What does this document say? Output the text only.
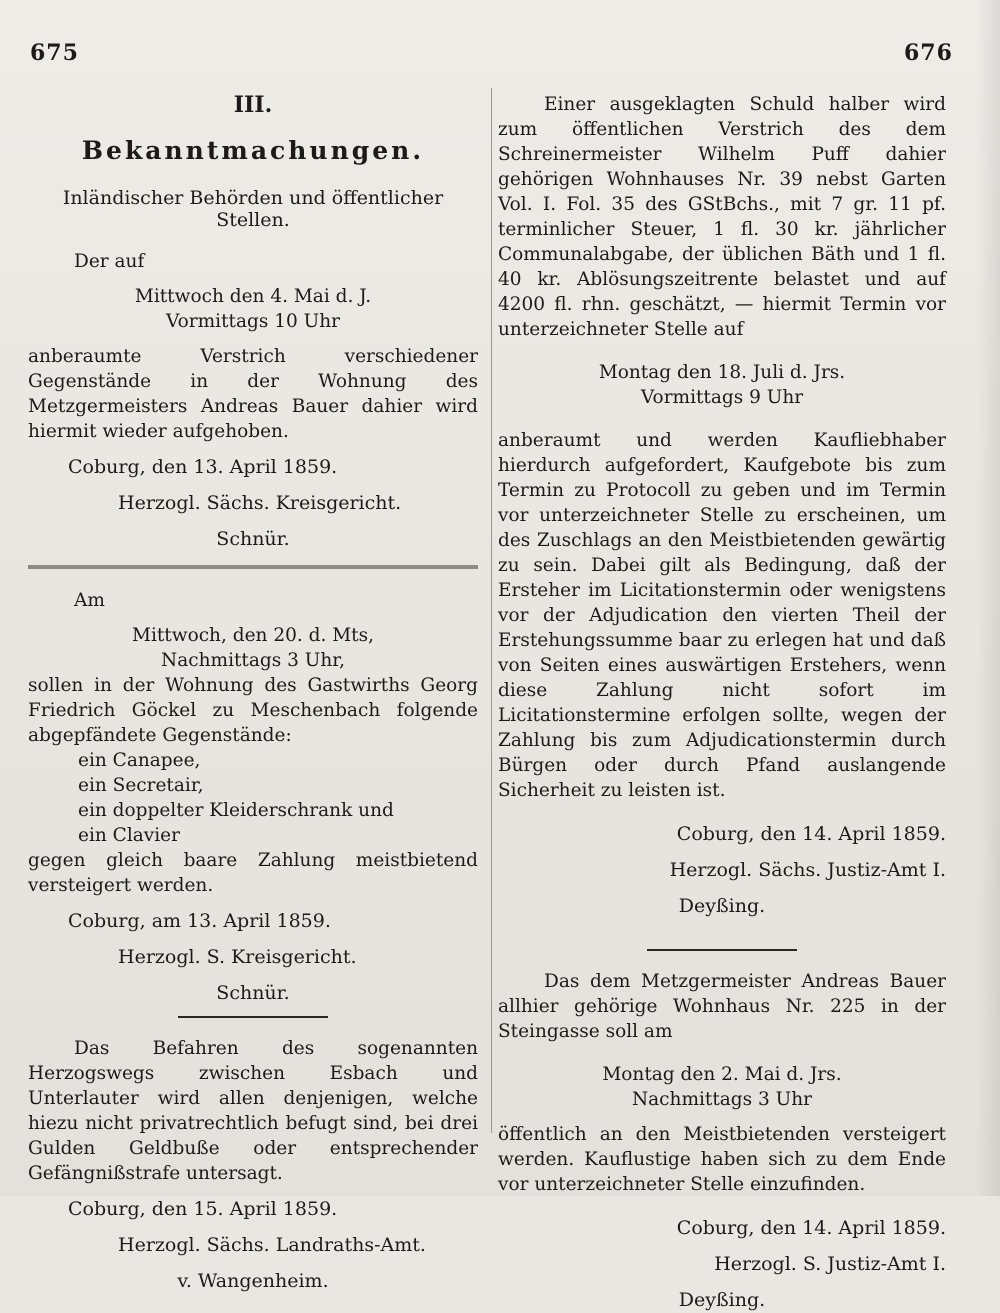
675	676
III.
Bekanntmachungen.
Inländischer Behörden und öffentlicher Stellen.

Der auf

Mittwoch den 4. Mai d. J.

Vormittags 10 Uhr

anberaumte Verstrich verschiedener Gegenstände in der Wohnung des Metzgermeisters Andreas Bauer dahier wird hiermit wieder aufgehoben.

Coburg, den 13. April 1859.

Herzogl. Sächs. Kreisgericht.

Schnür.

Am

Mittwoch, den 20. d. Mts,

Nachmittags 3 Uhr,

sollen in der Wohnung des Gastwirths Georg Friedrich Göckel zu Meschenbach folgende abgepfändete Gegenstände:

ein Canapee,
ein Secretair,
ein doppelter Kleiderschrank und
ein Clavier

gegen gleich baare Zahlung meistbietend versteigert werden.

Coburg, am 13. April 1859.

Herzogl. S. Kreisgericht.

Schnür.

Das Befahren des sogenannten Herzogswegs zwischen Esbach und Unterlauter wird allen denjenigen, welche hiezu nicht privatrechtlich befugt sind, bei drei Gulden Geldbuße oder entsprechender Gefängnißstrafe untersagt.

Coburg, den 15. April 1859.

Herzogl. Sächs. Landraths-Amt.

v. Wangenheim.

Einer ausgeklagten Schuld halber wird zum öffentlichen Verstrich des dem Schreinermeister Wilhelm Puff dahier gehörigen Wohnhauses Nr. 39 nebst Garten Vol. I. Fol. 35 des GStBchs., mit 7 gr. 11 pf. terminlicher Steuer, 1 fl. 30 kr. jährlicher Communalabgabe, der üblichen Bäth und 1 fl. 40 kr. Ablösungszeitrente belastet und auf 4200 fl. rhn. geschätzt, — hiermit Termin vor unterzeichneter Stelle auf

Montag den 18. Juli d. Jrs.

Vormittags 9 Uhr

anberaumt und werden Kaufliebhaber hierdurch aufgefordert, Kaufgebote bis zum Termin zu Protocoll zu geben und im Termin vor unterzeichneter Stelle zu erscheinen, um des Zuschlags an den Meistbietenden gewärtig zu sein. Dabei gilt als Bedingung, daß der Ersteher im Licitationstermin oder wenigstens vor der Adjudication den vierten Theil der Erstehungssumme baar zu erlegen hat und daß von Seiten eines auswärtigen Erstehers, wenn diese Zahlung nicht sofort im Licitationstermine erfolgen sollte, wegen der Zahlung bis zum Adjudicationstermin durch Bürgen oder durch Pfand auslangende Sicherheit zu leisten ist.

Coburg, den 14. April 1859.

Herzogl. Sächs. Justiz-Amt I.

Deyßing.

Das dem Metzgermeister Andreas Bauer allhier gehörige Wohnhaus Nr. 225 in der Steingasse soll am

Montag den 2. Mai d. Jrs.

Nachmittags 3 Uhr

öffentlich an den Meistbietenden versteigert werden. Kauflustige haben sich zu dem Ende vor unterzeichneter Stelle einzufinden.

Coburg, den 14. April 1859.

Herzogl. S. Justiz-Amt I.

Deyßing.
